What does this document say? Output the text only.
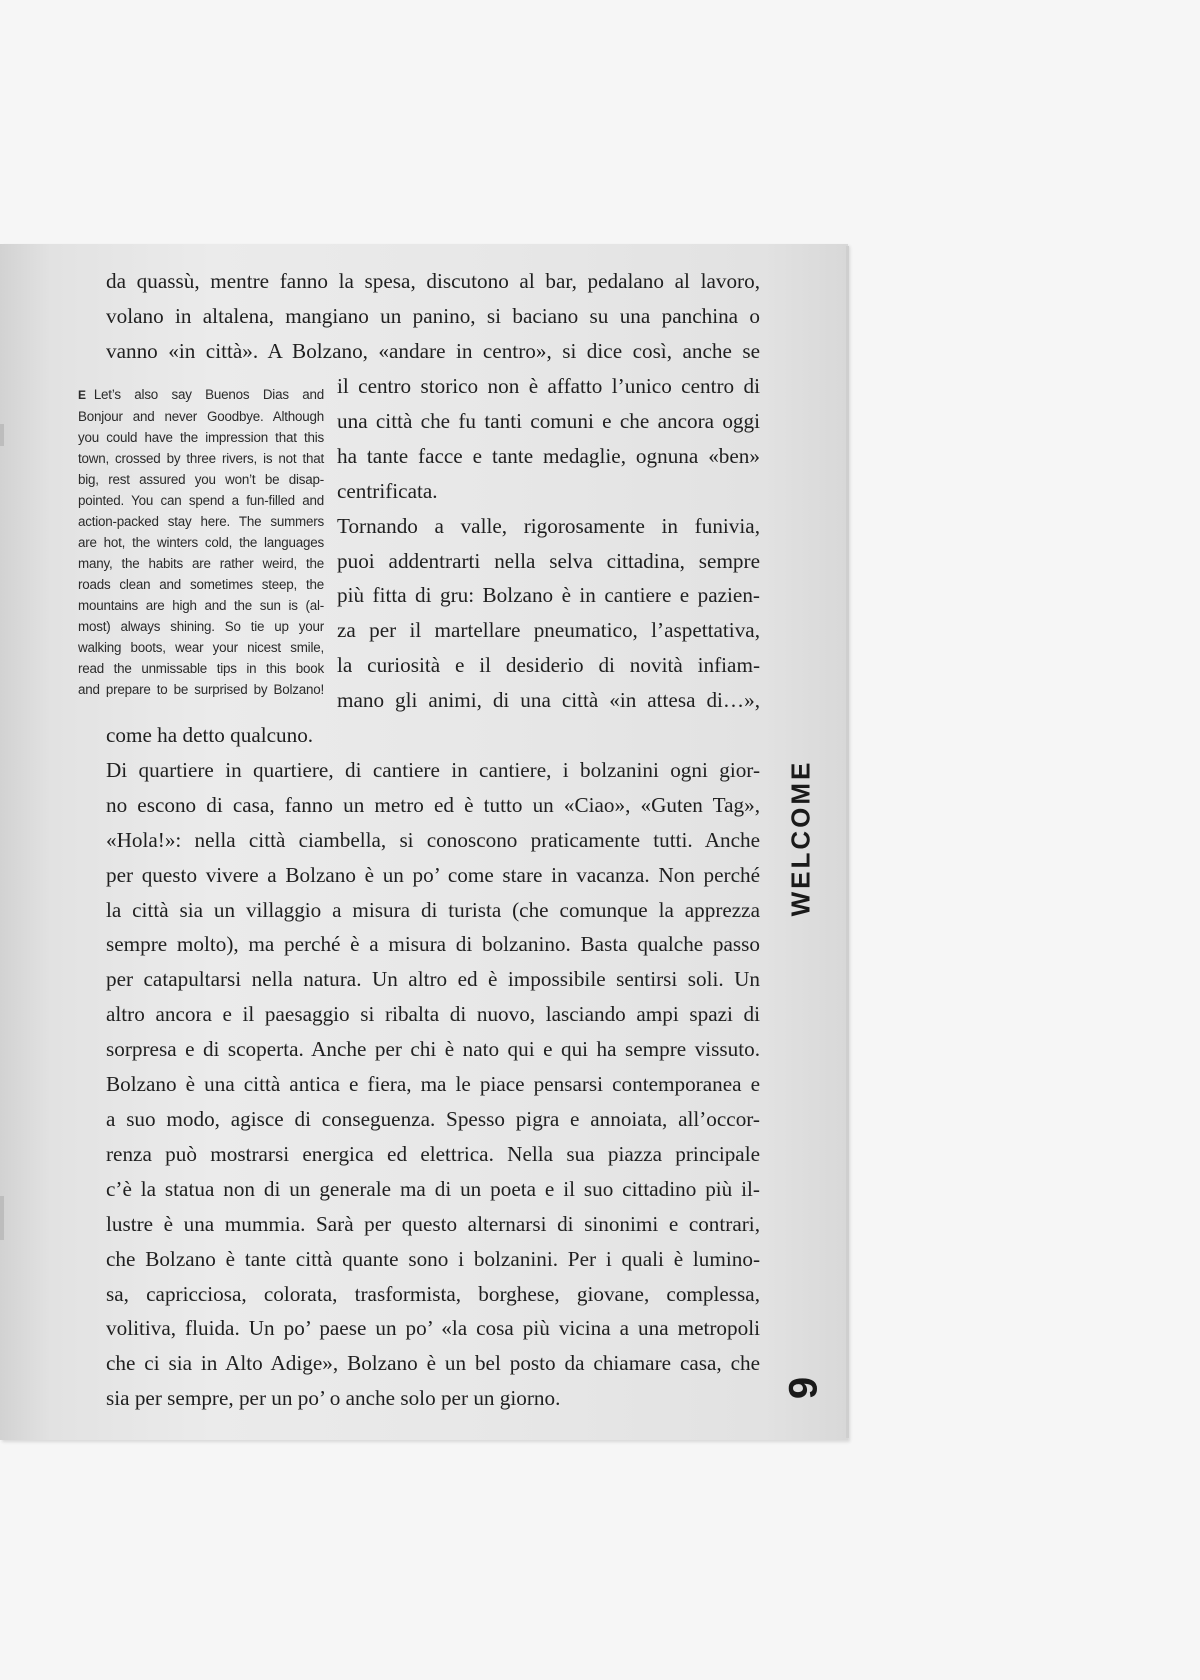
da quassù, mentre fanno la spesa, discutono al bar, pedalano al lavoro,
volano in altalena, mangiano un panino, si baciano su una panchina o
vanno «in città». A Bolzano, «andare in centro», si dice così, anche se
E Let’s also say Buenos Dias and
Bonjour and never Goodbye. Although
you could have the impression that this
town, crossed by three rivers, is not that
big, rest assured you won’t be disap-
pointed. You can spend a fun-filled and
action-packed stay here. The summers
are hot, the winters cold, the languages
many, the habits are rather weird, the
roads clean and sometimes steep, the
mountains are high and the sun is (al-
most) always shining. So tie up your
walking boots, wear your nicest smile,
read the unmissable tips in this book
and prepare to be surprised by Bolzano!
il centro storico non è affatto l’unico centro di
una città che fu tanti comuni e che ancora oggi
ha tante facce e tante medaglie, ognuna «ben»
centrificata.
Tornando a valle, rigorosamente in funivia,
puoi addentrarti nella selva cittadina, sempre
più fitta di gru: Bolzano è in cantiere e pazien-
za per il martellare pneumatico, l’aspettativa,
la curiosità e il desiderio di novità infiam-
mano gli animi, di una città «in attesa di…»,
come ha detto qualcuno.
Di quartiere in quartiere, di cantiere in cantiere, i bolzanini ogni gior-
no escono di casa, fanno un metro ed è tutto un «Ciao», «Guten Tag»,
«Hola!»: nella città ciambella, si conoscono praticamente tutti. Anche
per questo vivere a Bolzano è un po’ come stare in vacanza. Non perché
la città sia un villaggio a misura di turista (che comunque la apprezza
sempre molto), ma perché è a misura di bolzanino. Basta qualche passo
per catapultarsi nella natura. Un altro ed è impossibile sentirsi soli. Un
altro ancora e il paesaggio si ribalta di nuovo, lasciando ampi spazi di
sorpresa e di scoperta. Anche per chi è nato qui e qui ha sempre vissuto.
Bolzano è una città antica e fiera, ma le piace pensarsi contemporanea e
a suo modo, agisce di conseguenza. Spesso pigra e annoiata, all’occor-
renza può mostrarsi energica ed elettrica. Nella sua piazza principale
c’è la statua non di un generale ma di un poeta e il suo cittadino più il-
lustre è una mummia. Sarà per questo alternarsi di sinonimi e contrari,
che Bolzano è tante città quante sono i bolzanini. Per i quali è lumino-
sa, capricciosa, colorata, trasformista, borghese, giovane, complessa,
volitiva, fluida. Un po’ paese un po’ «la cosa più vicina a una metropoli
che ci sia in Alto Adige», Bolzano è un bel posto da chiamare casa, che
sia per sempre, per un po’ o anche solo per un giorno.
WELCOME
9
